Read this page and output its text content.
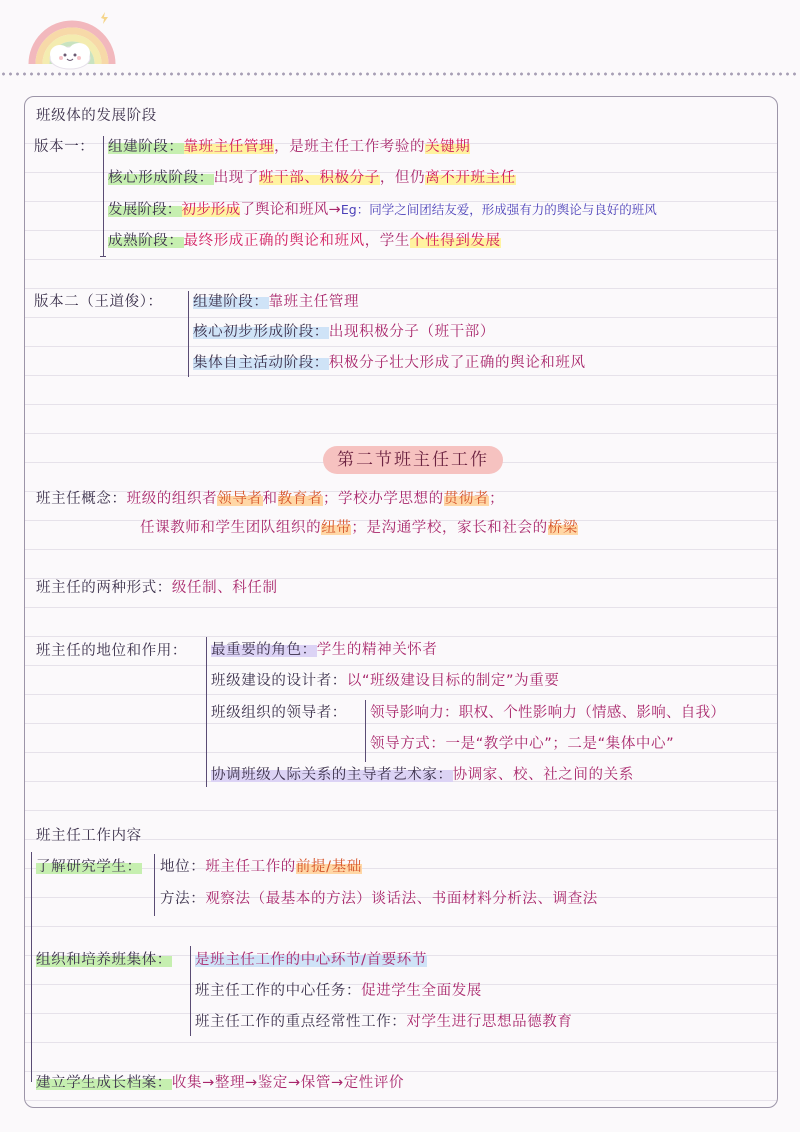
班级体的发展阶段
版本一： 组建阶段：靠班主任管理，是班主任工作考验的关键期
核心形成阶段：出现了班干部、积极分子，但仍离不开班主任
发展阶段：初步形成了舆论和班风→Eg：同学之间团结友爱，形成强有力的舆论与良好的班风
成熟阶段：最终形成正确的舆论和班风，学生个性得到发展
版本二（王道俊）： 组建阶段：靠班主任管理
核心初步形成阶段：出现积极分子（班干部）
集体自主活动阶段：积极分子壮大形成了正确的舆论和班风
第二节班主任工作
班主任概念：班级的组织者领导者和教育者；学校办学思想的贯彻者；
任课教师和学生团队组织的纽带；是沟通学校，家长和社会的桥梁
班主任的两种形式：级任制、科任制
班主任的地位和作用： 最重要的角色：学生的精神关怀者
班级建设的设计者：以“班级建设目标的制定”为重要
班级组织的领导者： 领导影响力：职权、个性影响力（情感、影响、自我）
领导方式：一是“教学中心”；二是“集体中心”
协调班级人际关系的主导者艺术家：协调家、校、社之间的关系
班主任工作内容
了解研究学生： 地位：班主任工作的前提/基础
方法：观察法（最基本的方法）谈话法、书面材料分析法、调查法
组织和培养班集体： 是班主任工作的中心环节/首要环节
班主任工作的中心任务：促进学生全面发展
班主任工作的重点经常性工作：对学生进行思想品德教育
建立学生成长档案：收集→整理→鉴定→保管→定性评价
